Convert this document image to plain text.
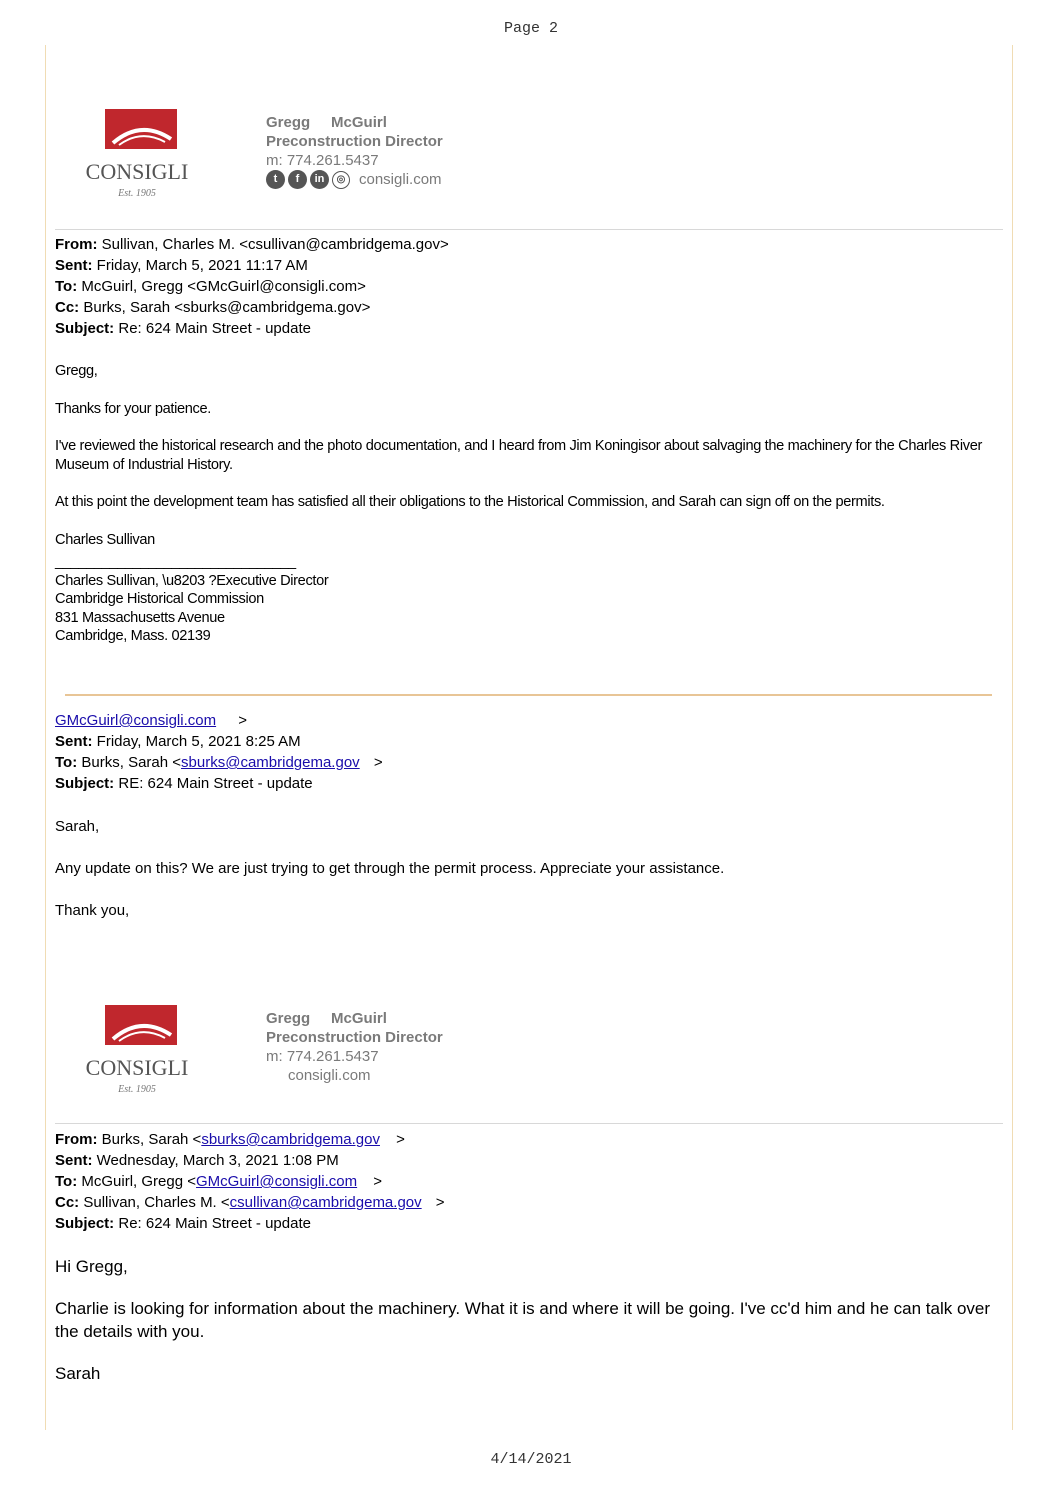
Page 2
CONSIGLI
Est. 1905
Gregg McGuirl
Preconstruction Director
m: 774.261.5437
t	f	in	◎ consigli.com
From: Sullivan, Charles M. <csullivan@cambridgema.gov>
Sent: Friday, March 5, 2021 11:17 AM
To: McGuirl, Gregg <GMcGuirl@consigli.com>
Cc: Burks, Sarah <sburks@cambridgema.gov>
Subject: Re: 624 Main Street - update

Gregg,

Thanks for your patience.

I've reviewed the historical research and the photo documentation, and I heard from Jim Koningisor about salvaging the machinery for the Charles River Museum of Industrial History.

At this point the development team has satisfied all their obligations to the Historical Commission, and Sarah can sign off on the permits.

Charles Sullivan

_______________________________

Charles Sullivan, \u8203 ?Executive Director

Cambridge Historical Commission

831 Massachusetts Avenue

Cambridge, Mass. 02139

GMcGuirl@consigli.com >
Sent: Friday, March 5, 2021 8:25 AM
To: Burks, Sarah <sburks@cambridgema.gov >
Subject: RE: 624 Main Street - update
Sarah,
Any update on this? We are just trying to get through the permit process. Appreciate your assistance.
Thank you,
CONSIGLI
Est. 1905
Gregg McGuirl
Preconstruction Director
m: 774.261.5437
consigli.com
From: Burks, Sarah <sburks@cambridgema.gov >
Sent: Wednesday, March 3, 2021 1:08 PM
To: McGuirl, Gregg <GMcGuirl@consigli.com >
Cc: Sullivan, Charles M. <csullivan@cambridgema.gov >
Subject: Re: 624 Main Street - update
Hi Gregg,
Charlie is looking for information about the machinery. What it is and where it will be going. I've cc'd him and he can talk over the details with you.
Sarah
4/14/2021
